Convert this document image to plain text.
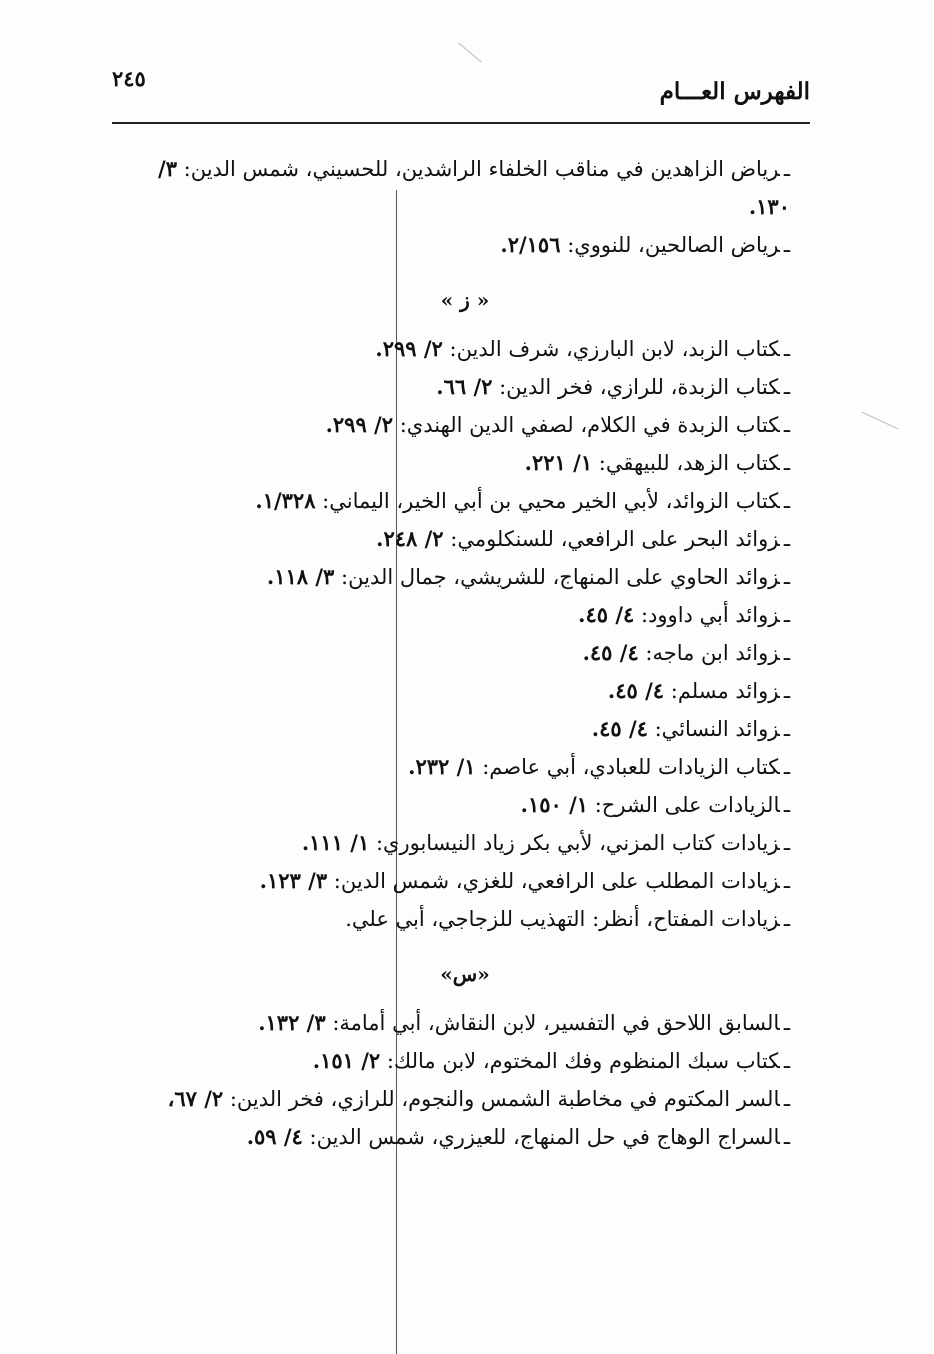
الفهرس العـــام
٢٤٥

ـرياض الزاهدين في مناقب الخلفاء الراشدين، للحسيني، شمس الدين: ٣/ ١٣٠.

ـرياض الصالحين، للنووي: ٢/١٥٦.

« ز »

ـكتاب الزبد، لابن البارزي، شرف الدين: ٢/ ٢٩٩.

ـكتاب الزبدة، للرازي، فخر الدين: ٢/ ٦٦.

ـكتاب الزبدة في الكلام، لصفي الدين الهندي: ٢/ ٢٩٩.

ـكتاب الزهد، للبيهقي: ١/ ٢٢١.

ـكتاب الزوائد، لأبي الخير محيي بن أبي الخير، اليماني: ١/٣٢٨.

ـزوائد البحر على الرافعي، للسنكلومي: ٢/ ٢٤٨.

ـزوائد الحاوي على المنهاج، للشريشي، جمال الدين: ٣/ ١١٨.

ـزوائد أبي داوود: ٤/ ٤٥.

ـزوائد ابن ماجه: ٤/ ٤٥.

ـزوائد مسلم: ٤/ ٤٥.

ـزوائد النسائي: ٤/ ٤٥.

ـكتاب الزيادات للعبادي، أبي عاصم: ١/ ٢٣٢.

ـالزيادات على الشرح: ١/ ١٥٠.

ـزيادات كتاب المزني، لأبي بكر زياد النيسابوري: ١/ ١١١.

ـزيادات المطلب على الرافعي، للغزي، شمس الدين: ٣/ ١٢٣.

ـزيادات المفتاح، أنظر: التهذيب للزجاجي، أبي علي.

«س»

ـالسابق اللاحق في التفسير، لابن النقاش، أبي أمامة: ٣/ ١٣٢.

ـكتاب سبك المنظوم وفك المختوم، لابن مالك: ٢/ ١٥١.

ـالسر المكتوم في مخاطبة الشمس والنجوم، للرازي، فخر الدين: ٢/ ٦٧،

ـالسراج الوهاج في حل المنهاج، للعيزري، شمس الدين: ٤/ ٥٩.
